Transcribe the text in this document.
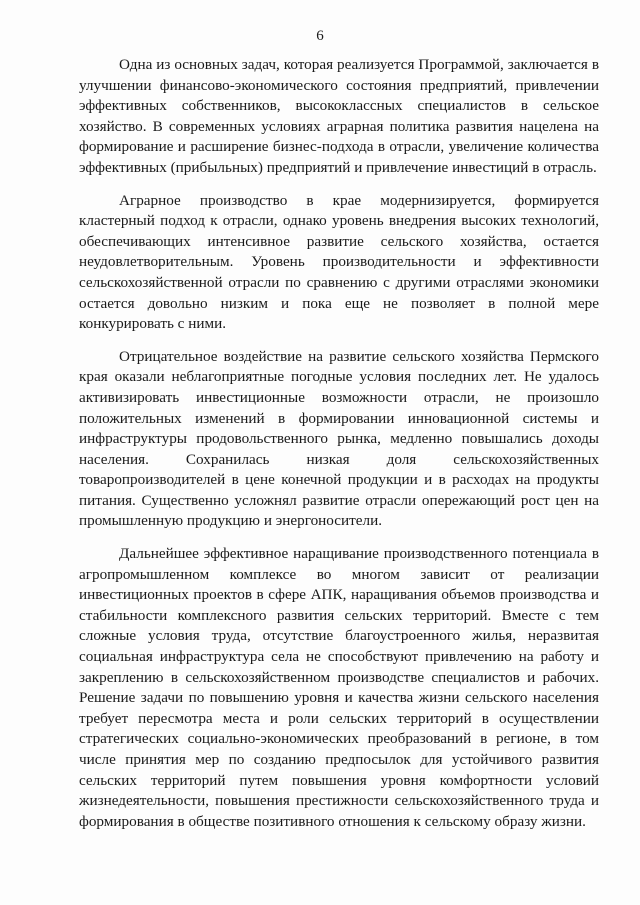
6

Одна из основных задач, которая реализуется Программой, заключается в улучшении финансово-экономического состояния предприятий, привлечении эффективных собственников, высококлассных специалистов в сельское хозяйство. В современных условиях аграрная политика развития нацелена на формирование и расширение бизнес-подхода в отрасли, увеличение количества эффективных (прибыльных) предприятий и привлечение инвестиций в отрасль.

Аграрное производство в крае модернизируется, формируется кластерный подход к отрасли, однако уровень внедрения высоких технологий, обеспечивающих интенсивное развитие сельского хозяйства, остается неудовлетворительным. Уровень производительности и эффективности сельскохозяйственной отрасли по сравнению с другими отраслями экономики остается довольно низким и пока еще не позволяет в полной мере конкурировать с ними.

Отрицательное воздействие на развитие сельского хозяйства Пермского края оказали неблагоприятные погодные условия последних лет. Не удалось активизировать инвестиционные возможности отрасли, не произошло положительных изменений в формировании инновационной системы и инфраструктуры продовольственного рынка, медленно повышались доходы населения. Сохранилась низкая доля сельскохозяйственных товаропроизводителей в цене конечной продукции и в расходах на продукты питания. Существенно усложнял развитие отрасли опережающий рост цен на промышленную продукцию и энергоносители.

Дальнейшее эффективное наращивание производственного потенциала в агропромышленном комплексе во многом зависит от реализации инвестиционных проектов в сфере АПК, наращивания объемов производства и стабильности комплексного развития сельских территорий. Вместе с тем сложные условия труда, отсутствие благоустроенного жилья, неразвитая социальная инфраструктура села не способствуют привлечению на работу и закреплению в сельскохозяйственном производстве специалистов и рабочих. Решение задачи по повышению уровня и качества жизни сельского населения требует пересмотра места и роли сельских территорий в осуществлении стратегических социально-экономических преобразований в регионе, в том числе принятия мер по созданию предпосылок для устойчивого развития сельских территорий путем повышения уровня комфортности условий жизнедеятельности, повышения престижности сельскохозяйственного труда и формирования в обществе позитивного отношения к сельскому образу жизни.
